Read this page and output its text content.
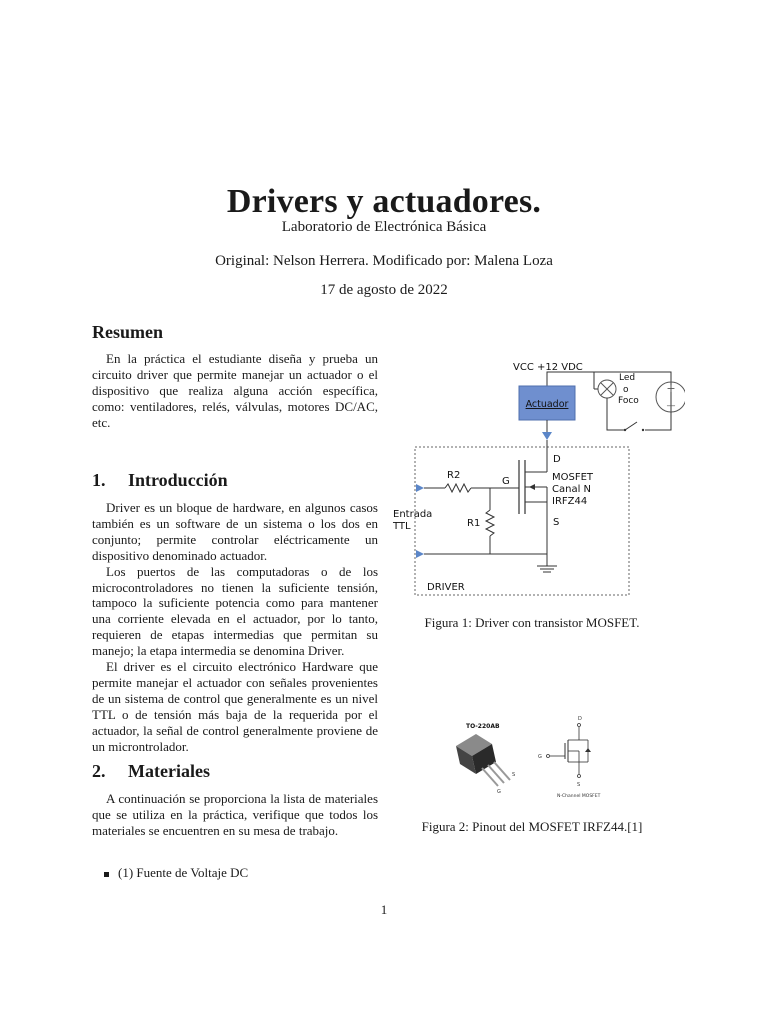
Drivers y actuadores.
Laboratorio de Electrónica Básica
Original: Nelson Herrera. Modificado por: Malena Loza
17 de agosto de 2022
Resumen

En la práctica el estudiante diseña y prueba un circuito driver que permite manejar un actuador o el dispositivo que realiza alguna acción específica, como: ventiladores, relés, válvulas, motores DC/AC, etc.

1. Introducción

Driver es un bloque de hardware, en algunos casos también es un software de un sistema o los dos en conjunto; permite controlar eléctricamente un dispositivo denominado actuador.

Los puertos de las computadoras o de los microcontroladores no tienen la suficiente tensión, tampoco la suficiente potencia como para mantener una corriente elevada en el actuador, por lo tanto, requieren de etapas intermedias que permitan su manejo; la etapa intermedia se denomina Driver.

El driver es el circuito electrónico Hardware que permite manejar el actuador con señales provenientes de un sistema de control que generalmente es un nivel TTL o de tensión más baja de la requerida por el actuador, la señal de control generalmente proviene de un microntrolador.

2. Materiales

A continuación se proporciona la lista de materiales que se utiliza en la práctica, verifique que todos los materiales se encuentren en su mesa de trabajo.

(1) Fuente de Voltaje DC
VCC +12 VDC
Actuador
Led
o
Foco
+
—
D
MOSFET
Canal N
IRFZ44
S
G
R2
R1
Entrada
TTL
DRIVER
Figura 1: Driver con transistor MOSFET.
TO-220AB
G
S
D
G
S
N-Channel MOSFET
Figura 2: Pinout del MOSFET IRFZ44.[1]
1
